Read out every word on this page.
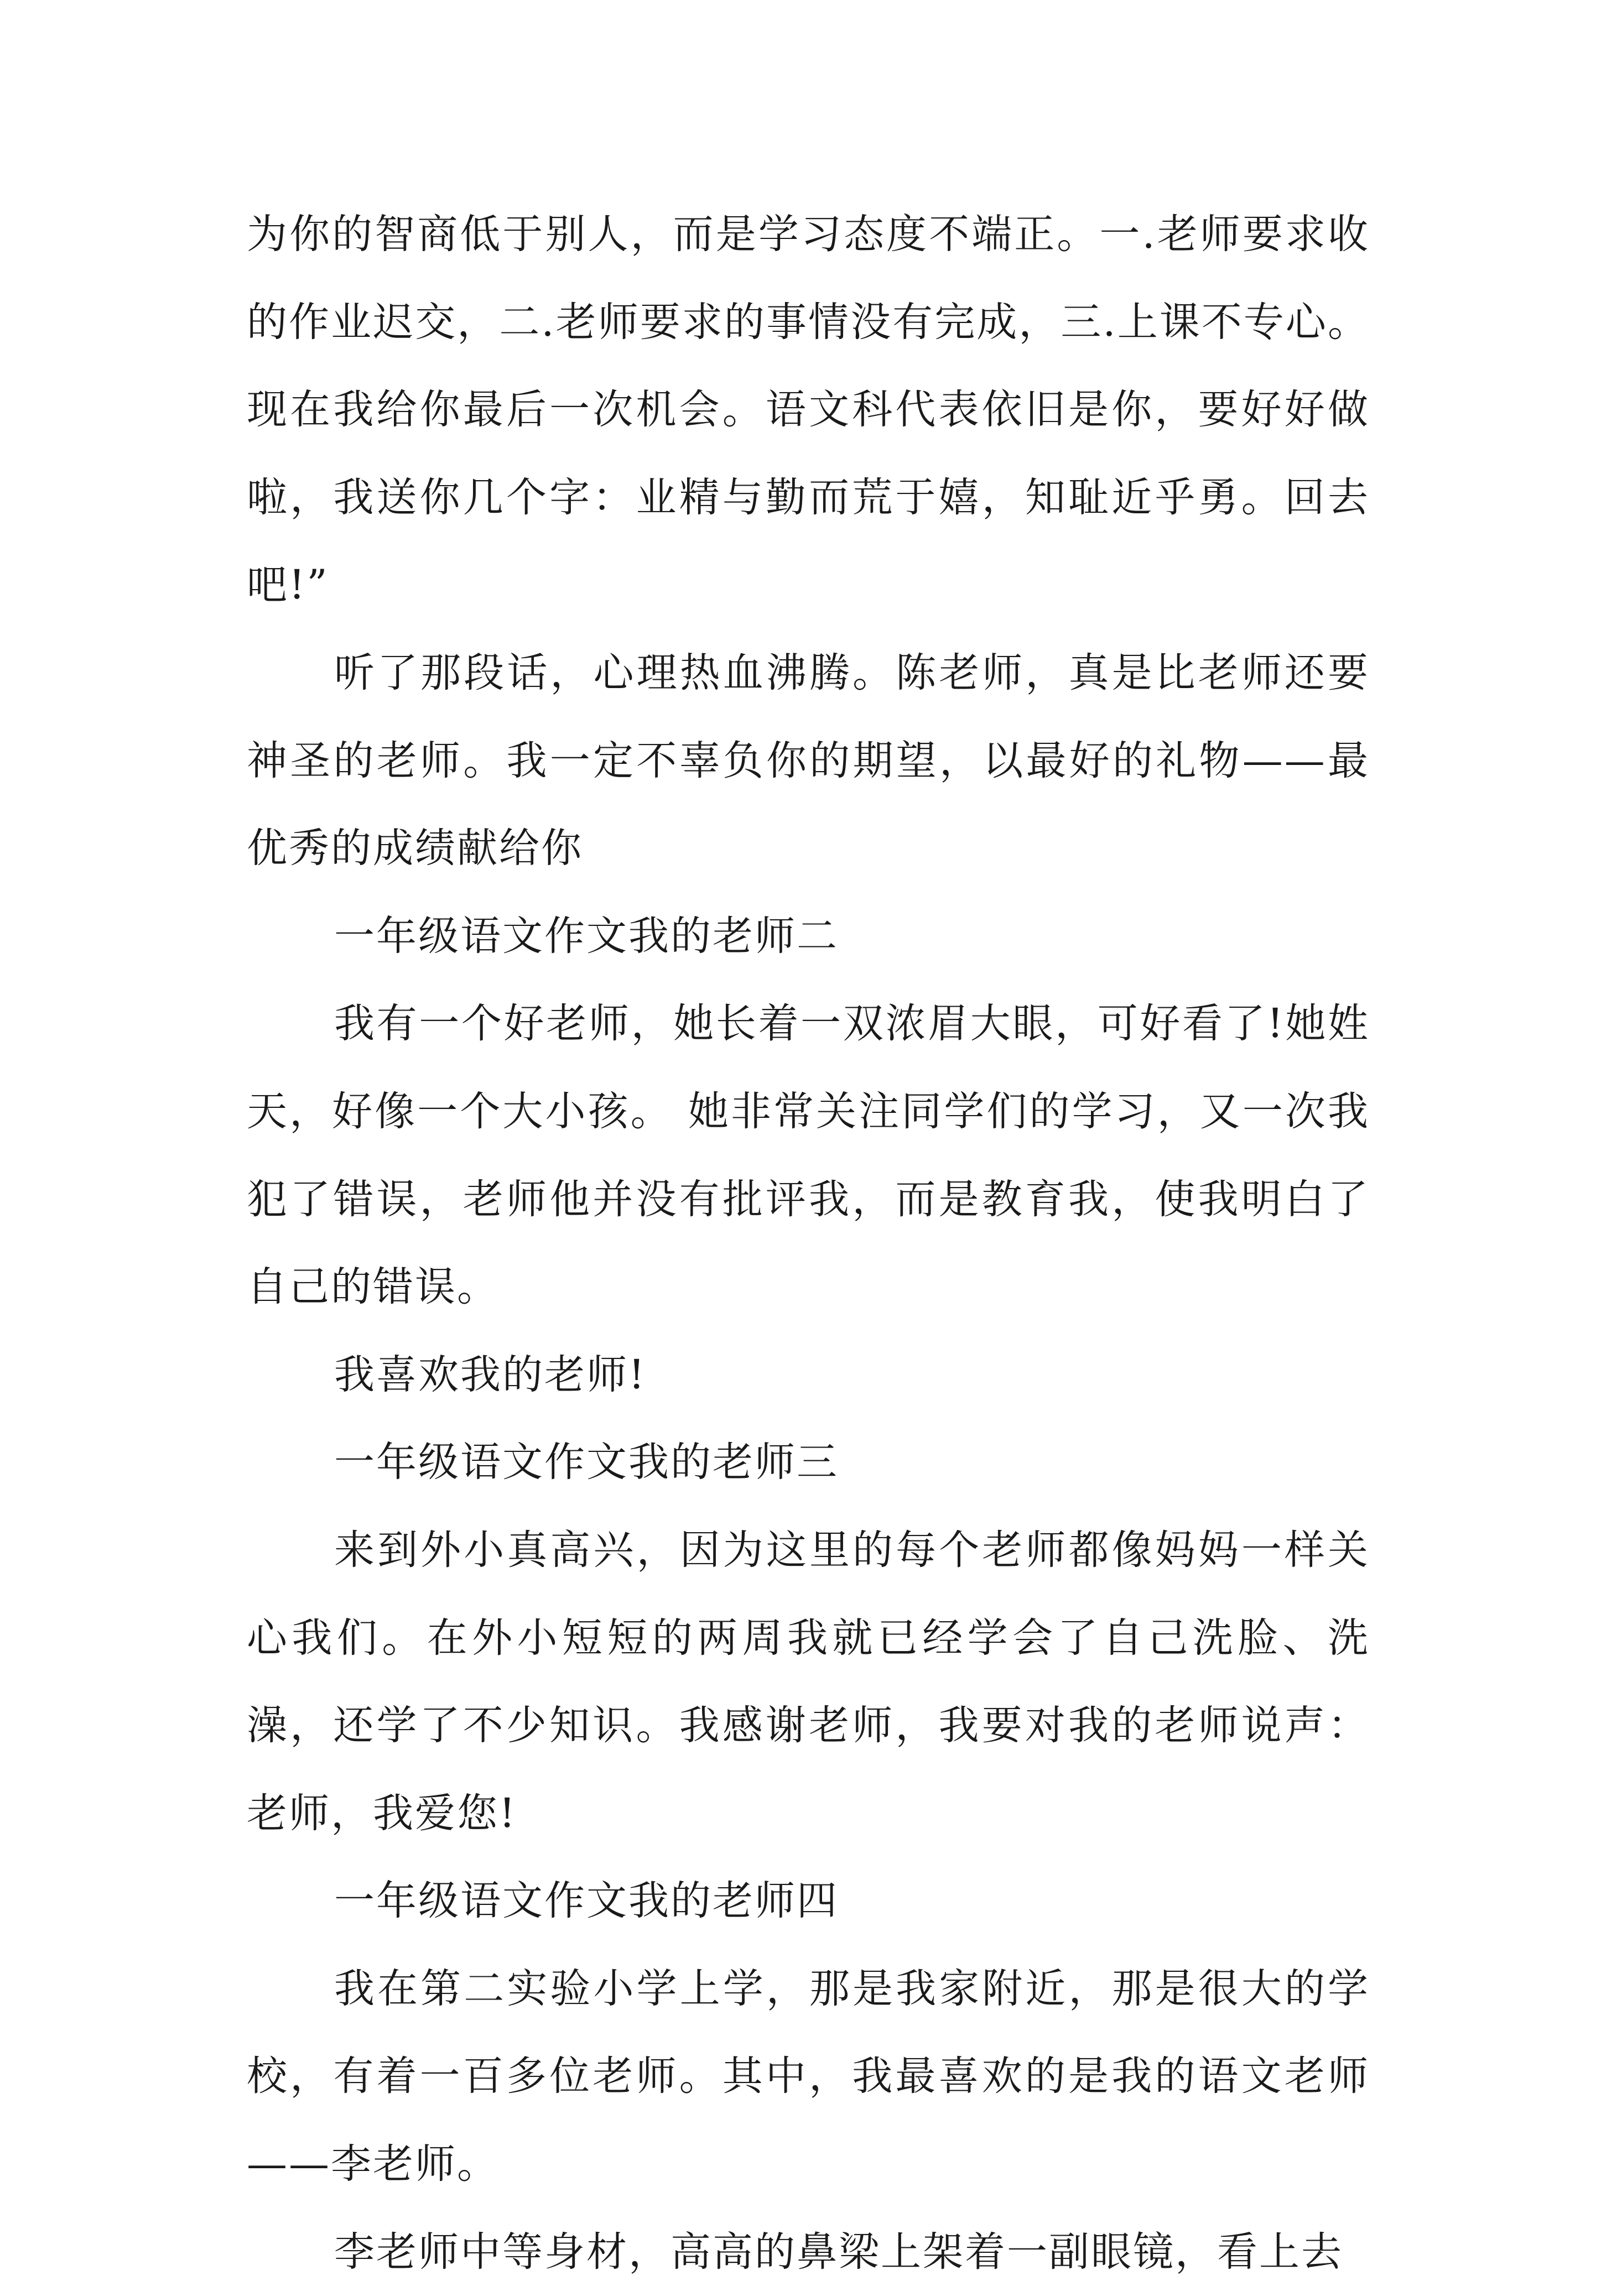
为你的智商低于别人，而是学习态度不端正。一.老师要求收的作业迟交，二.老师要求的事情没有完成，三.上课不专心。现在我给你最后一次机会。语文科代表依旧是你，要好好做啦，我送你几个字：业精与勤而荒于嬉，知耻近乎勇。回去吧!”

听了那段话，心理热血沸腾。陈老师，真是比老师还要神圣的老师。我一定不辜负你的期望，以最好的礼物——最优秀的成绩献给你

一年级语文作文我的老师二

我有一个好老师，她长着一双浓眉大眼，可好看了!她姓天，好像一个大小孩。 她非常关注同学们的学习，又一次我犯了错误，老师他并没有批评我，而是教育我，使我明白了自己的错误。

我喜欢我的老师!

一年级语文作文我的老师三

来到外小真高兴，因为这里的每个老师都像妈妈一样关心我们。在外小短短的两周我就已经学会了自己洗脸、洗澡，还学了不少知识。我感谢老师，我要对我的老师说声：老师，我爱您!

一年级语文作文我的老师四

我在第二实验小学上学，那是我家附近，那是很大的学校，有着一百多位老师。其中，我最喜欢的是我的语文老师——李老师。

李老师中等身材，高高的鼻梁上架着一副眼镜，看上去
